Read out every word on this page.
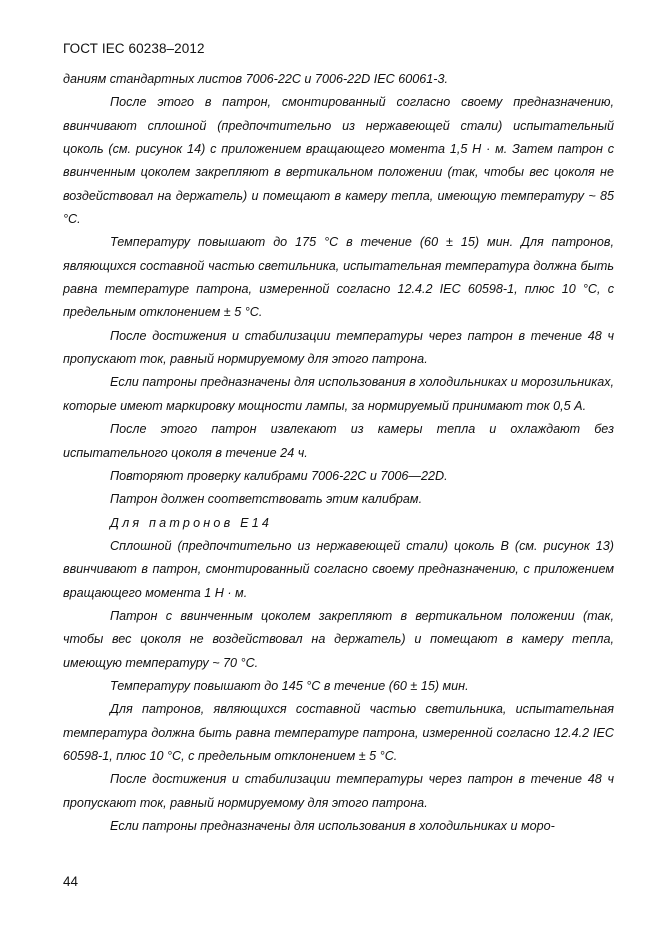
ГОСТ IEC 60238–2012

даниям стандартных листов 7006-22С и 7006-22D IEC 60061-3.

После этого в патрон, смонтированный согласно своему предназначению, ввинчивают сплошной (предпочтительно из нержавеющей стали) испытательный цоколь (см. рисунок 14) с приложением вращающего момента 1,5 Н · м. Затем патрон с ввинченным цоколем закрепляют в вертикальном положении (так, чтобы вес цоколя не воздействовал на держатель) и помещают в камеру тепла, имеющую температуру ~ 85 °С.

Температуру повышают до 175 °С в течение (60 ± 15) мин. Для патронов, являющихся составной частью светильника, испытательная температура должна быть равна температуре патрона, измеренной согласно 12.4.2 IEC 60598-1, плюс 10 °С, с предельным отклонением ± 5 °С.

После достижения и стабилизации температуры через патрон в течение 48 ч пропускают ток, равный нормируемому для этого патрона.

Если патроны предназначены для использования в холодильниках и морозильниках, которые имеют маркировку мощности лампы, за нормируемый принимают ток 0,5 А.

После этого патрон извлекают из камеры тепла и охлаждают без испытательного цоколя в течение 24 ч.

Повторяют проверку калибрами 7006-22С и 7006—22D.

Патрон должен соответствовать этим калибрам.

Для патронов Е14

Сплошной (предпочтительно из нержавеющей стали) цоколь В (см. рисунок 13) ввинчивают в патрон, смонтированный согласно своему предназначению, с приложением вращающего момента 1 Н · м.

Патрон с ввинченным цоколем закрепляют в вертикальном положении (так, чтобы вес цоколя не воздействовал на держатель) и помещают в камеру тепла, имеющую температуру ~ 70 °С.

Температуру повышают до 145 °С в течение (60 ± 15) мин.

Для патронов, являющихся составной частью светильника, испытательная температура должна быть равна температуре патрона, измеренной согласно 12.4.2 IEC 60598-1, плюс 10 °С, с предельным отклонением ± 5 °С.

После достижения и стабилизации температуры через патрон в течение 48 ч пропускают ток, равный нормируемому для этого патрона.

Если патроны предназначены для использования в холодильниках и моро-

44
